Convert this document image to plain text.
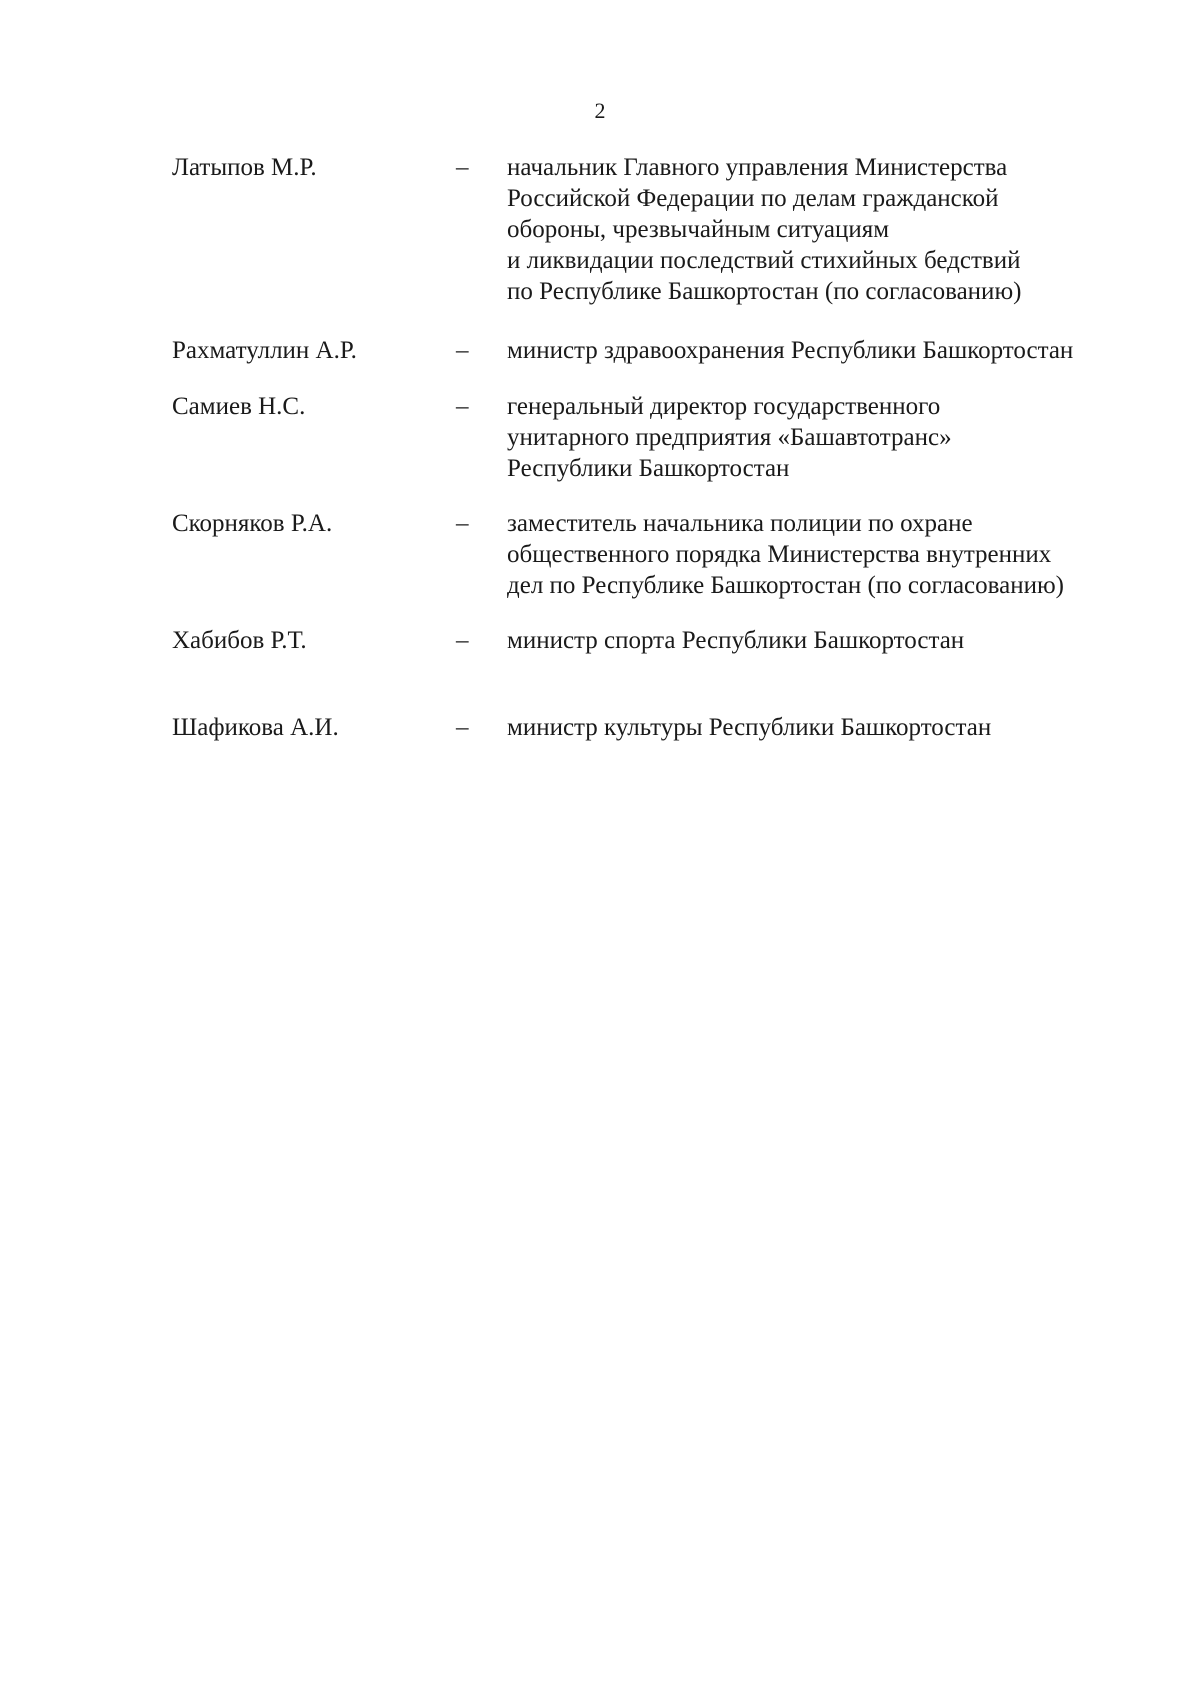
2
Латыпов М.Р.	– начальник Главного управления Министерства
Российской Федерации по делам гражданской
обороны, чрезвычайным ситуациям
и ликвидации последствий стихийных бедствий
по Республике Башкортостан (по согласованию)
Рахматуллин А.Р.	– министр здравоохранения Республики Башкортостан
Самиев Н.С.	– генеральный директор государственного
унитарного предприятия «Башавтотранс»
Республики Башкортостан
Скорняков Р.А.	– заместитель начальника полиции по охране
общественного порядка Министерства внутренних
дел по Республике Башкортостан (по согласованию)
Хабибов Р.Т.	– министр спорта Республики Башкортостан
Шафикова А.И.	– министр культуры Республики Башкортостан
